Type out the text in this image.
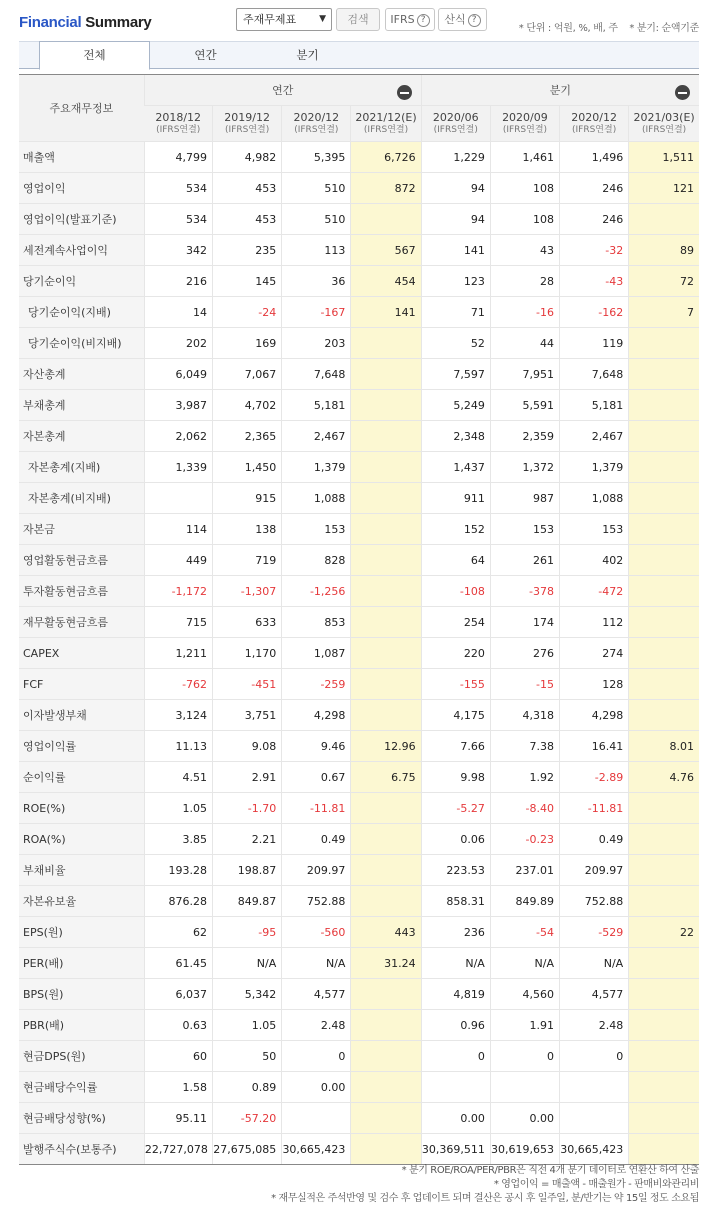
Financial Summary	주재무제표	▼	검색	IFRS ?	산식 ?
* 단위 : 억원, %, 배, 주 * 분기: 순액기준
전체	연간	분기
주요재무정보	연간				분기			

	2018/12
(IFRS연결)	2019/12
(IFRS연결)	2020/12
(IFRS연결)	2021/12(E)
(IFRS연결)	2020/06
(IFRS연결)	2020/09
(IFRS연결)	2020/12
(IFRS연결)	2021/03(E)
(IFRS연결)

매출액	4,799	4,982	5,395	6,726	1,229	1,461	1,496	1,511
영업이익	534	453	510	872	94	108	246	121
영업이익(발표기준)	534	453	510		94	108	246	
세전계속사업이익	342	235	113	567	141	43	-32	89
당기순이익	216	145	36	454	123	28	-43	72
당기순이익(지배)	14	-24	-167	141	71	-16	-162	7
당기순이익(비지배)	202	169	203		52	44	119	
자산총계	6,049	7,067	7,648		7,597	7,951	7,648	
부채총계	3,987	4,702	5,181		5,249	5,591	5,181	
자본총계	2,062	2,365	2,467		2,348	2,359	2,467	
자본총계(지배)	1,339	1,450	1,379		1,437	1,372	1,379	
자본총계(비지배)		915	1,088		911	987	1,088	
자본금	114	138	153		152	153	153	
영업활동현금흐름	449	719	828		64	261	402	
투자활동현금흐름	-1,172	-1,307	-1,256		-108	-378	-472	
재무활동현금흐름	715	633	853		254	174	112	
CAPEX	1,211	1,170	1,087		220	276	274	
FCF	-762	-451	-259		-155	-15	128	
이자발생부채	3,124	3,751	4,298		4,175	4,318	4,298	
영업이익률	11.13	9.08	9.46	12.96	7.66	7.38	16.41	8.01
순이익률	4.51	2.91	0.67	6.75	9.98	1.92	-2.89	4.76
ROE(%)	1.05	-1.70	-11.81		-5.27	-8.40	-11.81	
ROA(%)	3.85	2.21	0.49		0.06	-0.23	0.49	
부채비율	193.28	198.87	209.97		223.53	237.01	209.97	
자본유보율	876.28	849.87	752.88		858.31	849.89	752.88	
EPS(원)	62	-95	-560	443	236	-54	-529	22
PER(배)	61.45	N/A	N/A	31.24	N/A	N/A	N/A	
BPS(원)	6,037	5,342	4,577		4,819	4,560	4,577	
PBR(배)	0.63	1.05	2.48		0.96	1.91	2.48	
현금DPS(원)	60	50	0		0	0	0	
현금배당수익률	1.58	0.89	0.00					
현금배당성향(%)	95.11	-57.20			0.00	0.00		
발행주식수(보통주)	22,727,078	27,675,085	30,665,423		30,369,511	30,619,653	30,665,423	
* 분기 ROE/ROA/PER/PBR은 직전 4개 분기 데이터로 연환산 하여 산출
* 영업이익 = 매출액 - 매출원가 - 판매비와관리비
* 재무실적은 주석반영 및 검수 후 업데이트 되며 결산은 공시 후 일주일, 분/반기는 약 15일 정도 소요됨
